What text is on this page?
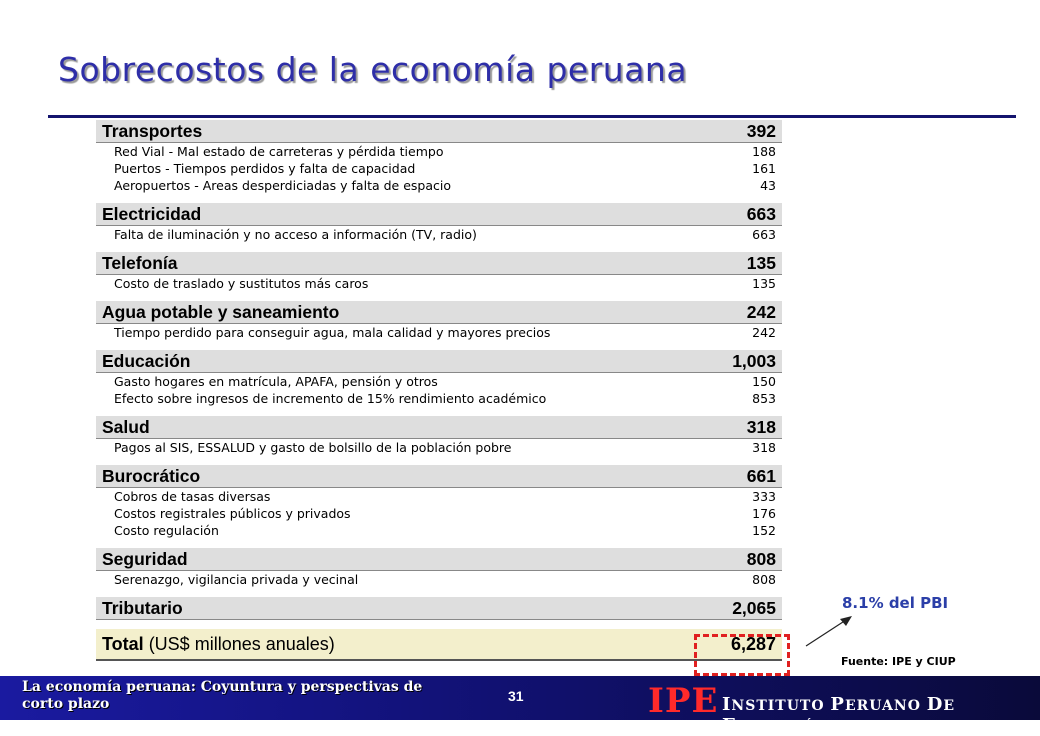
Sobrecostos de la economía peruana
Transportes	392
Red Vial - Mal estado de carreteras y pérdida tiempo	188
Puertos - Tiempos perdidos y falta de capacidad	161
Aeropuertos - Areas desperdiciadas y falta de espacio	43
Electricidad	663
Falta de iluminación y no acceso a información (TV, radio)	663
Telefonía	135
Costo de traslado y sustitutos más caros	135
Agua potable y saneamiento	242
Tiempo perdido para conseguir agua, mala calidad y mayores precios	242
Educación	1,003
Gasto hogares en matrícula, APAFA, pensión y otros	150
Efecto sobre ingresos de incremento de 15% rendimiento académico	853
Salud	318
Pagos al SIS, ESSALUD y gasto de bolsillo de la población pobre	318
Burocrático	661
Cobros de tasas diversas	333
Costos registrales públicos y privados	176
Costo regulación	152
Seguridad	808
Serenazgo, vigilancia privada y vecinal	808
Tributario	2,065
Total (US$ millones anuales)	6,287
8.1% del PBI
Fuente: IPE y CIUP
La economía peruana: Coyuntura y perspectivas de corto plazo	31	IPE INSTITUTO PERUANO DE ECONOMÍA
